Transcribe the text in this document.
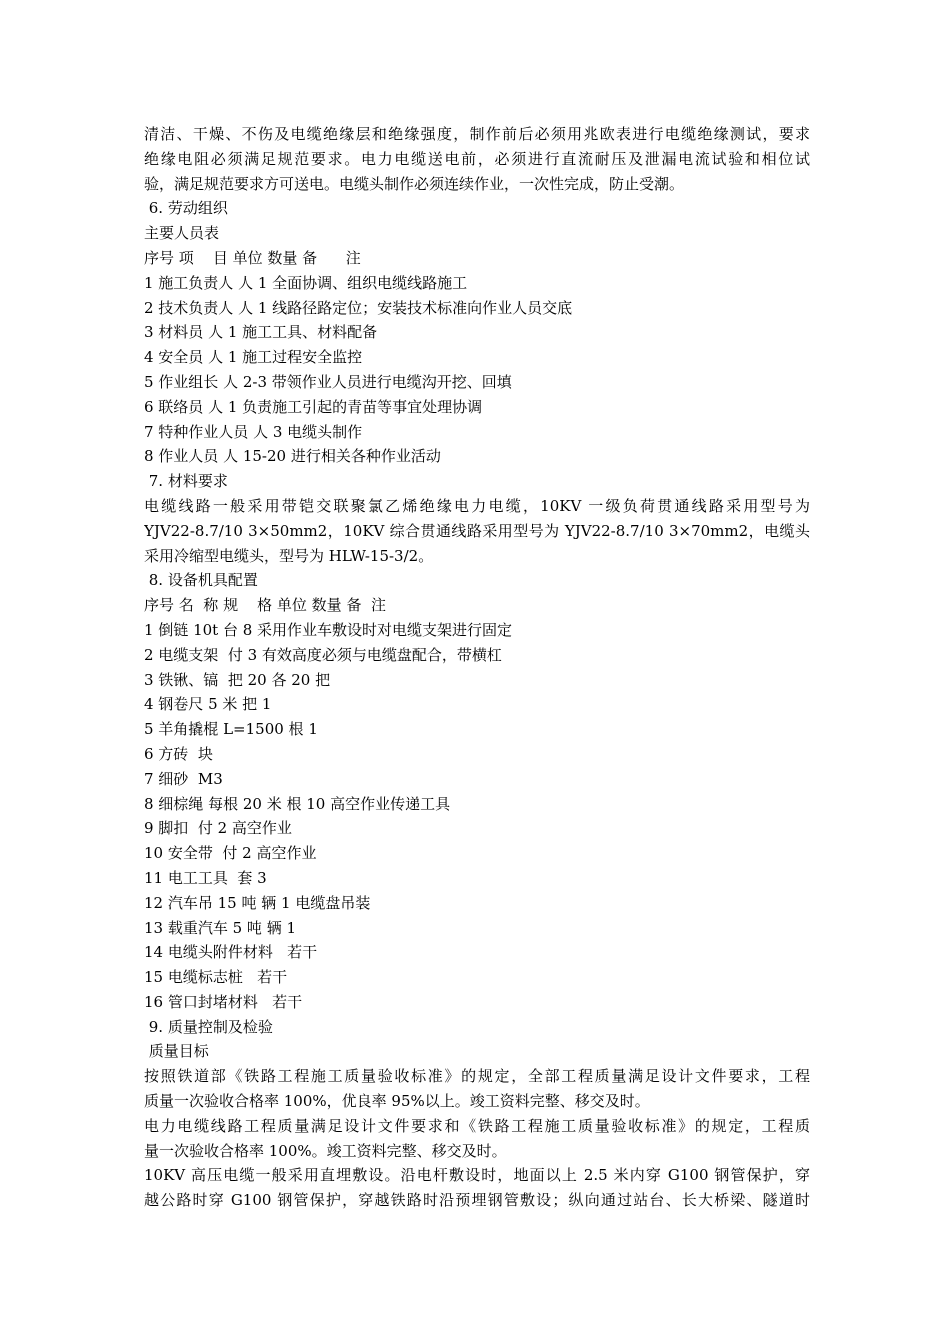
清洁、干燥、不伤及电缆绝缘层和绝缘强度，制作前后必须用兆欧表进行电缆绝缘测试，要求
绝缘电阻必须满足规范要求。电力电缆送电前，必须进行直流耐压及泄漏电流试验和相位试
验，满足规范要求方可送电。电缆头制作必须连续作业，一次性完成，防止受潮。
6. 劳动组织
主要人员表
序号 项    目 单位 数量 备      注
1 施工负责人 人 1 全面协调、组织电缆线路施工
2 技术负责人 人 1 线路径路定位；安装技术标准向作业人员交底
3 材料员 人 1 施工工具、材料配备
4 安全员 人 1 施工过程安全监控
5 作业组长 人 2-3 带领作业人员进行电缆沟开挖、回填
6 联络员 人 1 负责施工引起的青苗等事宜处理协调
7 特种作业人员 人 3 电缆头制作
8 作业人员 人 15-20 进行相关各种作业活动
7. 材料要求
电缆线路一般采用带铠交联聚氯乙烯绝缘电力电缆，10KV 一级负荷贯通线路采用型号为
YJV22-8.7/10 3×50mm2，10KV 综合贯通线路采用型号为 YJV22-8.7/10 3×70mm2，电缆头
采用冷缩型电缆头，型号为 HLW-15-3/2。
8. 设备机具配置
序号 名  称 规    格 单位 数量 备  注
1 倒链 10t 台 8 采用作业车敷设时对电缆支架进行固定
2 电缆支架  付 3 有效高度必须与电缆盘配合，带横杠
3 铁锹、镐  把 20 各 20 把
4 钢卷尺 5 米 把 1
5 羊角撬棍 L=1500 根 1
6 方砖  块
7 细砂  M3
8 细棕绳 每根 20 米 根 10 高空作业传递工具
9 脚扣  付 2 高空作业
10 安全带  付 2 高空作业
11 电工工具  套 3
12 汽车吊 15 吨 辆 1 电缆盘吊装
13 载重汽车 5 吨 辆 1
14 电缆头附件材料   若干
15 电缆标志桩   若干
16 管口封堵材料   若干
9. 质量控制及检验
质量目标
按照铁道部《铁路工程施工质量验收标准》的规定，全部工程质量满足设计文件要求，工程
质量一次验收合格率 100%，优良率 95%以上。竣工资料完整、移交及时。
电力电缆线路工程质量满足设计文件要求和《铁路工程施工质量验收标准》的规定，工程质
量一次验收合格率 100%。竣工资料完整、移交及时。
10KV 高压电缆一般采用直埋敷设。沿电杆敷设时，地面以上 2.5 米内穿 G100 钢管保护，穿
越公路时穿 G100 钢管保护，穿越铁路时沿预埋钢管敷设；纵向通过站台、长大桥梁、隧道时
